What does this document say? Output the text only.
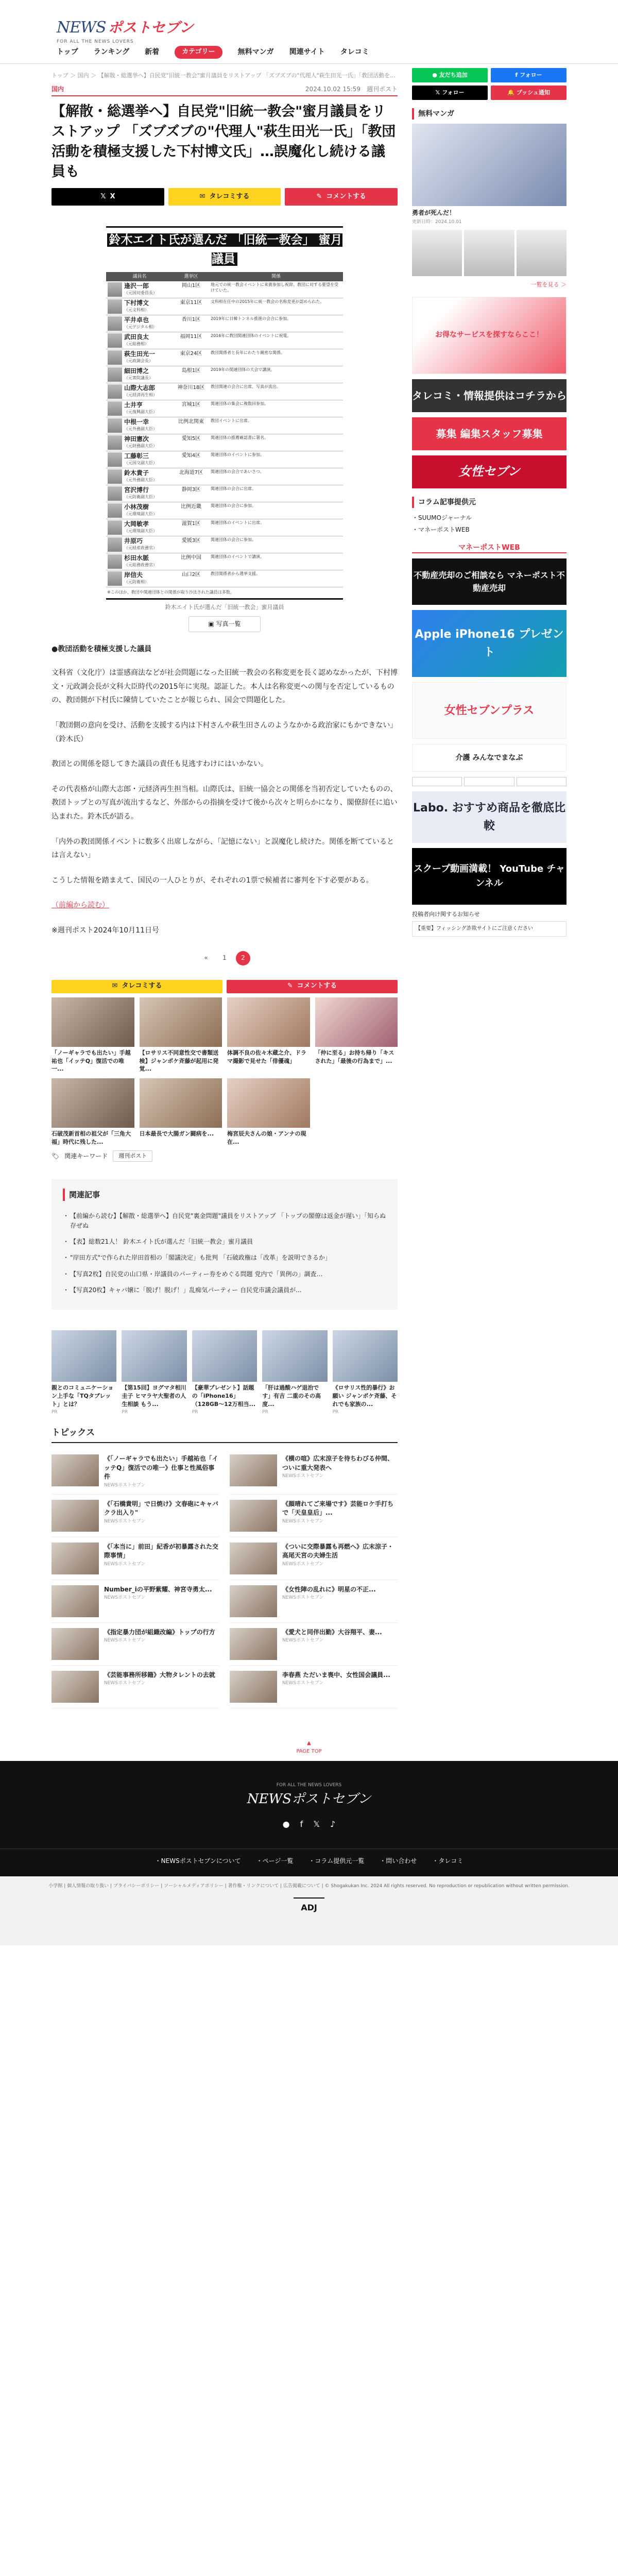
NEWS ポストセブン
FOR ALL THE NEWS LOVERS
トップ ランキング 新着	カテゴリー	無料マンガ 関連サイト タレコミ
トップ ＞ 国内 ＞ 【解散・総選挙へ】自民党"旧統一教会"蜜月議員をリストアップ 「ズブズブの"代理人"萩生田光一氏」「教団活動を...
国内	2024.10.02 15:59　 週刊ポスト
【解散・総選挙へ】自民党"旧統一教会"蜜月議員をリストアップ 「ズブズブの"代理人"萩生田光一氏」「教団活動を積極支援した下村博文氏」…誤魔化し続ける議員も
𝕏 X	✉ タレコミする	✎ コメントする
鈴木エイト氏が選んだ 「旧統一教会」 蜜月議員
議員名	選挙区	関係

逢沢一郎
（元国対委員長）	岡山1区	地元での統一教会イベントに来賓参加し祝辞。教団に対する要望を受けていた。

下村博文
（元文科相）	東京11区	文科相在任中の2015年に統一教会の名称変更が認められた。

平井卓也
（元デジタル相）	香川1区	2019年に日韓トンネル推進の会合に参加。

武田良太
（元総務相）	福岡11区	2016年に教団関連団体のイベントに祝電。

萩生田光一
（元政調会長）	東京24区	教団関係者と長年にわたり親密な関係。

細田博之
（元衆院議長）	島根1区	2019年の関連団体の大会で講演。

山際大志郎
（元経済再生相）	神奈川18区	教団関連の会合に出席、写真が流出。

土井亨
（元復興副大臣）	宮城1区	関連団体の集会に複数回参加。

中根一幸
（元外務副大臣）	比例北関東	教団イベントに出席。

神田憲次
（元財務副大臣）	愛知5区	関連団体の推薦確認書に署名。

工藤彰三
（元国交副大臣）	愛知4区	関連団体のイベントに参加。

鈴木貴子
（元外務副大臣）	北海道7区	関連団体の会合であいさつ。

宮沢博行
（元防衛副大臣）	静岡3区	関連団体の会合に出席。

小林茂樹
（元環境副大臣）	比例近畿	関連団体の会合に参加。

大岡敏孝
（元環境副大臣）	滋賀1区	関連団体のイベントに出席。

井原巧
（元経産政務官）	愛媛3区	関連団体の会合に参加。

杉田水脈
（元総務政務官）	比例中国	関連団体のイベントで講演。

岸信夫
（元防衛相）	山口2区	教団関係者から選挙支援。
※このほか、教団や関連団体との関係が取り沙汰された議員は多数。
鈴木エイト氏が選んだ「旧統一教会」蜜月議員
▣ 写真一覧
●教団活動を積極支援した議員

文科省（文化庁）は霊感商法などが社会問題になった旧統一教会の名称変更を長く認めなかったが、下村博文・元政調会長が文科大臣時代の2015年に実現。認証した。本人は名称変更への関与を否定しているものの、教団側が下村氏に陳情していたことが報じられ、国会で問題化した。

「教団側の意向を受け、活動を支援する内は下村さんや萩生田さんのようなかかる政治家にもかできない」（鈴木氏）

教団との関係を隠してきた議員の責任も見逃すわけにはいかない。

その代表格が山際大志郎・元経済再生担当相。山際氏は、旧統一協会との関係を当初否定していたものの、教団トップとの写真が流出するなど、外部からの指摘を受けて後から次々と明らかになり、閣僚辞任に追い込まれた。鈴木氏が語る。

「内外の教団関係イベントに数多く出席しながら、「記憶にない」と誤魔化し続けた。関係を断てているとは言えない」

こうした情報を踏まえて、国民の一人ひとりが、それぞれの1票で候補者に審判を下す必要がある。

（前編から読む）

※週刊ポスト2024年10月11日号

«	1	2
✉ タレコミする	✎ コメントする
「ノーギャラでも出たい」手越祐也「イッテQ」復活での唯一...
【ロサリス不同意性交で書類送検】ジャンポケ斉藤が起用に発覚...
体調不良の佐々木蔵之介、ドラマ撮影で見せた「俳優魂」
「仲に至る」お持ち帰り「キスされた」「最後の行為まで」...
石破茂新首相の祖父が「三角大福」時代に残した...
日本最長で大腸ガン闘病を...	梅宮辰夫さんの娘・アンナの現在...
🏷 関連キーワード	週刊ポスト
関連記事
・ 【前編から読む】【解散・総選挙へ】自民党"裏金問題"議員をリストアップ 「トップの閣僚は返金が遅い」「知らぬ存ぜぬ
・ 【表】総数21人！ 鈴木エイト氏が選んだ「旧統一教会」蜜月議員
・ "岸田方式"で作られた岸田首相の「閣議決定」も批判 「石破政権は「改革」を説明できるか」
・ 【写真2枚】自民党の山口県・岸議員のパーティー券をめぐる問題 党内で「異例の」調査…
・ 【写真20枚】キャバ嬢に「脱げ！脱げ！」乱痴気パーティー 自民党市議会議員が...
親とのコミュニケーション上手な「TQタブレット」とは？
PR
【第15回】ヨグマタ相川圭子 ヒマラヤ大聖者の人生相談 もう...
PR
【豪華プレゼント】話題の「iPhone16」（128GB～12万相当...
PR
「肝は過酸ハゲ退治です」有吉 二重のその高度...
PR
《ロサリス性的暴行》お願い ジャンポケ斉藤、それでも家族の...
PR
トピックス
《「ノーギャラでも出たい」手越祐也「イッテQ」復活での唯一》仕事と性風俗事件
NEWSポストセブン
《横の喧》広末涼子を待ちわびる仲間、ついに重大発表へ
NEWSポストセブン
《「石橋貴明」で日焼け》文春砲にキャバクラ出入り"
NEWSポストセブン
《顔晴れてご来場です》芸能ロケ手打ちで「天皇皇后」...
NEWSポストセブン
《「本当に」前田」紀香が初暴露された交際事情」
NEWSポストセブン
《ついに交際暴露も再燃へ》広末涼子・高尾天宮の夫婦生活
NEWSポストセブン
Number_iの平野紫耀、神宮寺勇太...
NEWSポストセブン
《女性陣の乱れに》明星の不正...
NEWSポストセブン
《指定暴力団が組織改編》トップの行方
NEWSポストセブン
《愛犬と同伴出勤》大谷翔平、妻...
NEWSポストセブン
《芸能事務所移籍》大物タレントの去就
NEWSポストセブン
李春燕 ただいま喪中、女性国会議員...
NEWSポストセブン
● 友だち追加	f フォロー
𝕏 フォロー	🔔 プッシュ通知
無料マンガ
勇者が死んだ！
更新日時：2024.10.01
一覧を見る ＞
お得なサービスを探すならここ！
タレコミ・情報提供はコチラから
募集 編集スタッフ募集
女性セブン
コラム記事提供元
・ SUUMOジャーナル
・ マネーポストWEB
マネーポストWEB
不動産売却のご相談なら マネーポスト不動産売却
Apple iPhone16 プレゼント
女性セブンプラス
介護 みんなでまなぶ
Labo. おすすめ商品を徹底比較
スクープ動画満載！ YouTube チャンネル
投稿者向け関するお知らせ
【重要】フィッシング詐欺サイトにご注意ください
▲
PAGE TOP
FOR ALL THE NEWS LOVERS
NEWSポストセブン
● f 𝕏 ♪
・NEWSポストセブンについて	・ページ一覧	・コラム提供元一覧	・問い合わせ	・タレコミ
小学館 | 個人情報の取り扱い | プライバシーポリシー | ソーシャルメディアポリシー | 著作権・リンクについて | 広告掲載について | © Shogakukan Inc. 2024 All rights reserved. No reproduction or republication without written permission.
ADJ
